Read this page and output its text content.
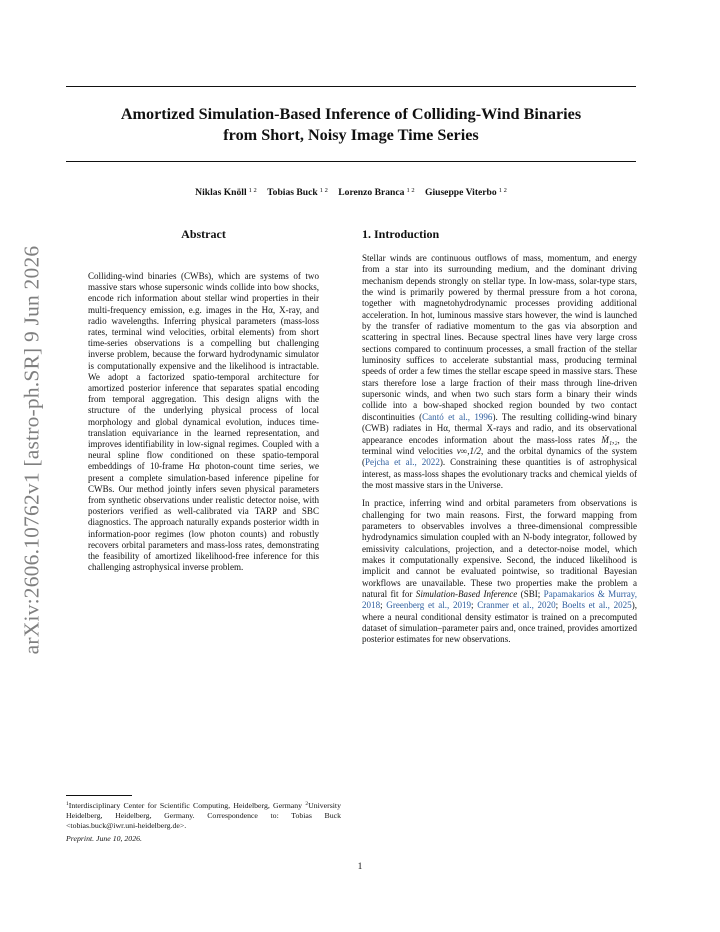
arXiv:2606.10762v1 [astro-ph.SR] 9 Jun 2026
Amortized Simulation-Based Inference of Colliding-Wind Binaries
from Short, Noisy Image Time Series
Niklas Knöll $^{1 2}$ Tobias Buck $^{1 2}$ Lorenzo Branca $^{1 2}$ Giuseppe Viterbo $^{1 2}$
Abstract

Colliding-wind binaries (CWBs), which are systems of two massive stars whose supersonic winds collide into bow shocks, encode rich information about stellar wind properties in their multi-frequency emission, e.g. images in the Hα, X-ray, and radio wavelengths. Inferring physical parameters (mass-loss rates, terminal wind velocities, orbital elements) from short time-series observations is a compelling but challenging inverse problem, because the forward hydrodynamic simulator is computationally expensive and the likelihood is intractable. We adopt a factorized spatio-temporal architecture for amortized posterior inference that separates spatial encoding from temporal aggregation. This design aligns with the structure of the underlying physical process of local morphology and global dynamical evolution, induces time-translation equivariance in the learned representation, and improves identifiability in low-signal regimes. Coupled with a neural spline flow conditioned on these spatio-temporal embeddings of 10-frame Hα photon-count time series, we present a complete simulation-based inference pipeline for CWBs. Our method jointly infers seven physical parameters from synthetic observations under realistic detector noise, with posteriors verified as well-calibrated via TARP and SBC diagnostics. The approach naturally expands posterior width in information-poor regimes (low photon counts) and robustly recovers orbital parameters and mass-loss rates, demonstrating the feasibility of amortized likelihood-free inference for this challenging astrophysical inverse problem.

1. Introduction

Stellar winds are continuous outflows of mass, momentum, and energy from a star into its surrounding medium, and the dominant driving mechanism depends strongly on stellar type. In low-mass, solar-type stars, the wind is primarily powered by thermal pressure from a hot corona, together with magnetohydrodynamic processes providing additional acceleration. In hot, luminous massive stars however, the wind is launched by the transfer of radiative momentum to the gas via absorption and scattering in spectral lines. Because spectral lines have very large cross sections compared to continuum processes, a small fraction of the stellar luminosity suffices to accelerate substantial mass, producing terminal speeds of order a few times the stellar escape speed in massive stars. These stars therefore lose a large fraction of their mass through line-driven supersonic winds, and when two such stars form a binary their winds collide into a bow-shaped shocked region bounded by two contact discontinuities (Cantó et al., 1996). The resulting colliding-wind binary (CWB) radiates in Hα, thermal X-rays and radio, and its observational appearance encodes information about the mass-loss rates Ṁ₁,₂, the terminal wind velocities v∞,1/2, and the orbital dynamics of the system (Pejcha et al., 2022). Constraining these quantities is of astrophysical interest, as mass-loss shapes the evolutionary tracks and chemical yields of the most massive stars in the Universe.

In practice, inferring wind and orbital parameters from observations is challenging for two main reasons. First, the forward mapping from parameters to observables involves a three-dimensional compressible hydrodynamics simulation coupled with an N-body integrator, followed by emissivity calculations, projection, and a detector-noise model, which makes it computationally expensive. Second, the induced likelihood is implicit and cannot be evaluated pointwise, so traditional Bayesian workflows are unavailable. These two properties make the problem a natural fit for Simulation-Based Inference (SBI; Papamakarios & Murray, 2018; Greenberg et al., 2019; Cranmer et al., 2020; Boelts et al., 2025), where a neural conditional density estimator is trained on a precomputed dataset of simulation–parameter pairs and, once trained, provides amortized posterior estimates for new observations.

$^1$Interdisciplinary Center for Scientific Computing, Heidelberg, Germany $^2$University Heidelberg, Heidelberg, Germany. Correspondence to: Tobias Buck <tobias.buck@iwr.uni-heidelberg.de>.
Preprint. June 10, 2026.
1
